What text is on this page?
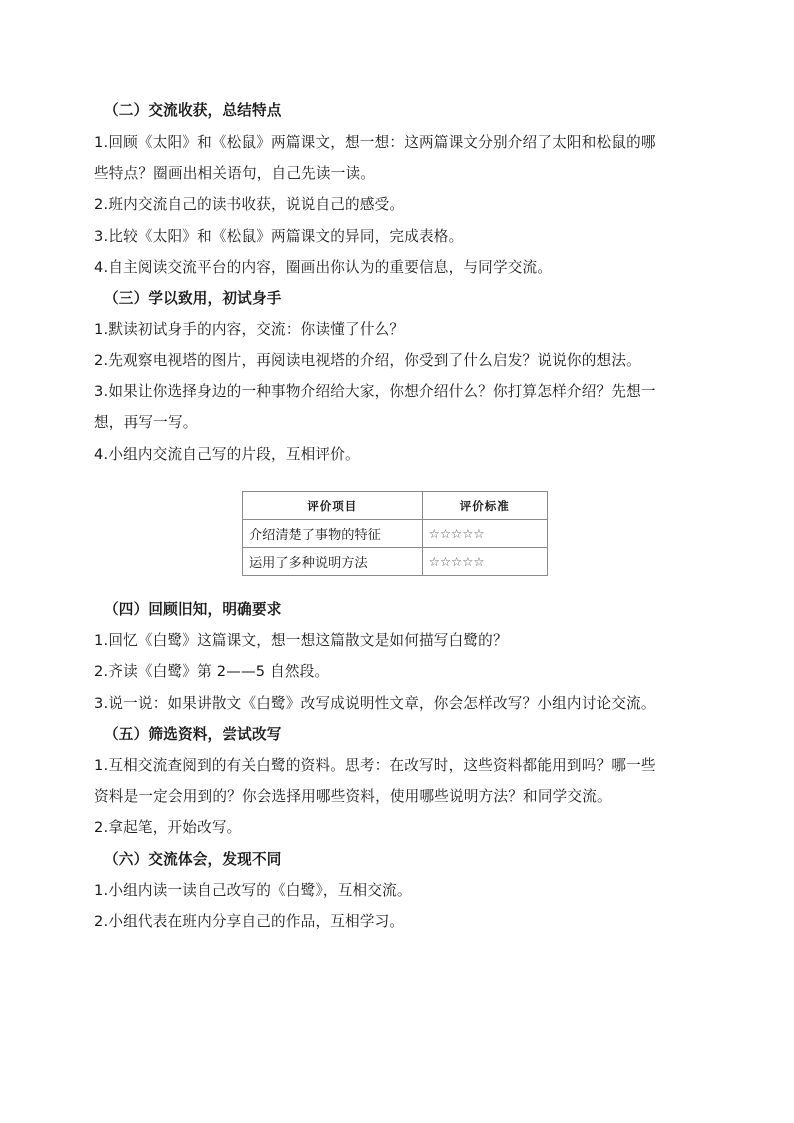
（二）交流收获，总结特点
1.回顾《太阳》和《松鼠》两篇课文，想一想：这两篇课文分别介绍了太阳和松鼠的哪
些特点？圈画出相关语句，自己先读一读。
2.班内交流自己的读书收获，说说自己的感受。
3.比较《太阳》和《松鼠》两篇课文的异同，完成表格。
4.自主阅读交流平台的内容，圈画出你认为的重要信息，与同学交流。
（三）学以致用，初试身手
1.默读初试身手的内容，交流：你读懂了什么？
2.先观察电视塔的图片，再阅读电视塔的介绍，你受到了什么启发？说说你的想法。
3.如果让你选择身边的一种事物介绍给大家，你想介绍什么？你打算怎样介绍？先想一
想，再写一写。
4.小组内交流自己写的片段，互相评价。
评价项目	评价标准
介绍清楚了事物的特征	☆☆☆☆☆
运用了多种说明方法	☆☆☆☆☆
（四）回顾旧知，明确要求
1.回忆《白鹭》这篇课文，想一想这篇散文是如何描写白鹭的？
2.齐读《白鹭》第 2——5 自然段。
3.说一说：如果讲散文《白鹭》改写成说明性文章，你会怎样改写？小组内讨论交流。
（五）筛选资料，尝试改写
1.互相交流查阅到的有关白鹭的资料。思考：在改写时，这些资料都能用到吗？哪一些
资料是一定会用到的？你会选择用哪些资料，使用哪些说明方法？和同学交流。
2.拿起笔，开始改写。
（六）交流体会，发现不同
1.小组内读一读自己改写的《白鹭》，互相交流。
2.小组代表在班内分享自己的作品，互相学习。
